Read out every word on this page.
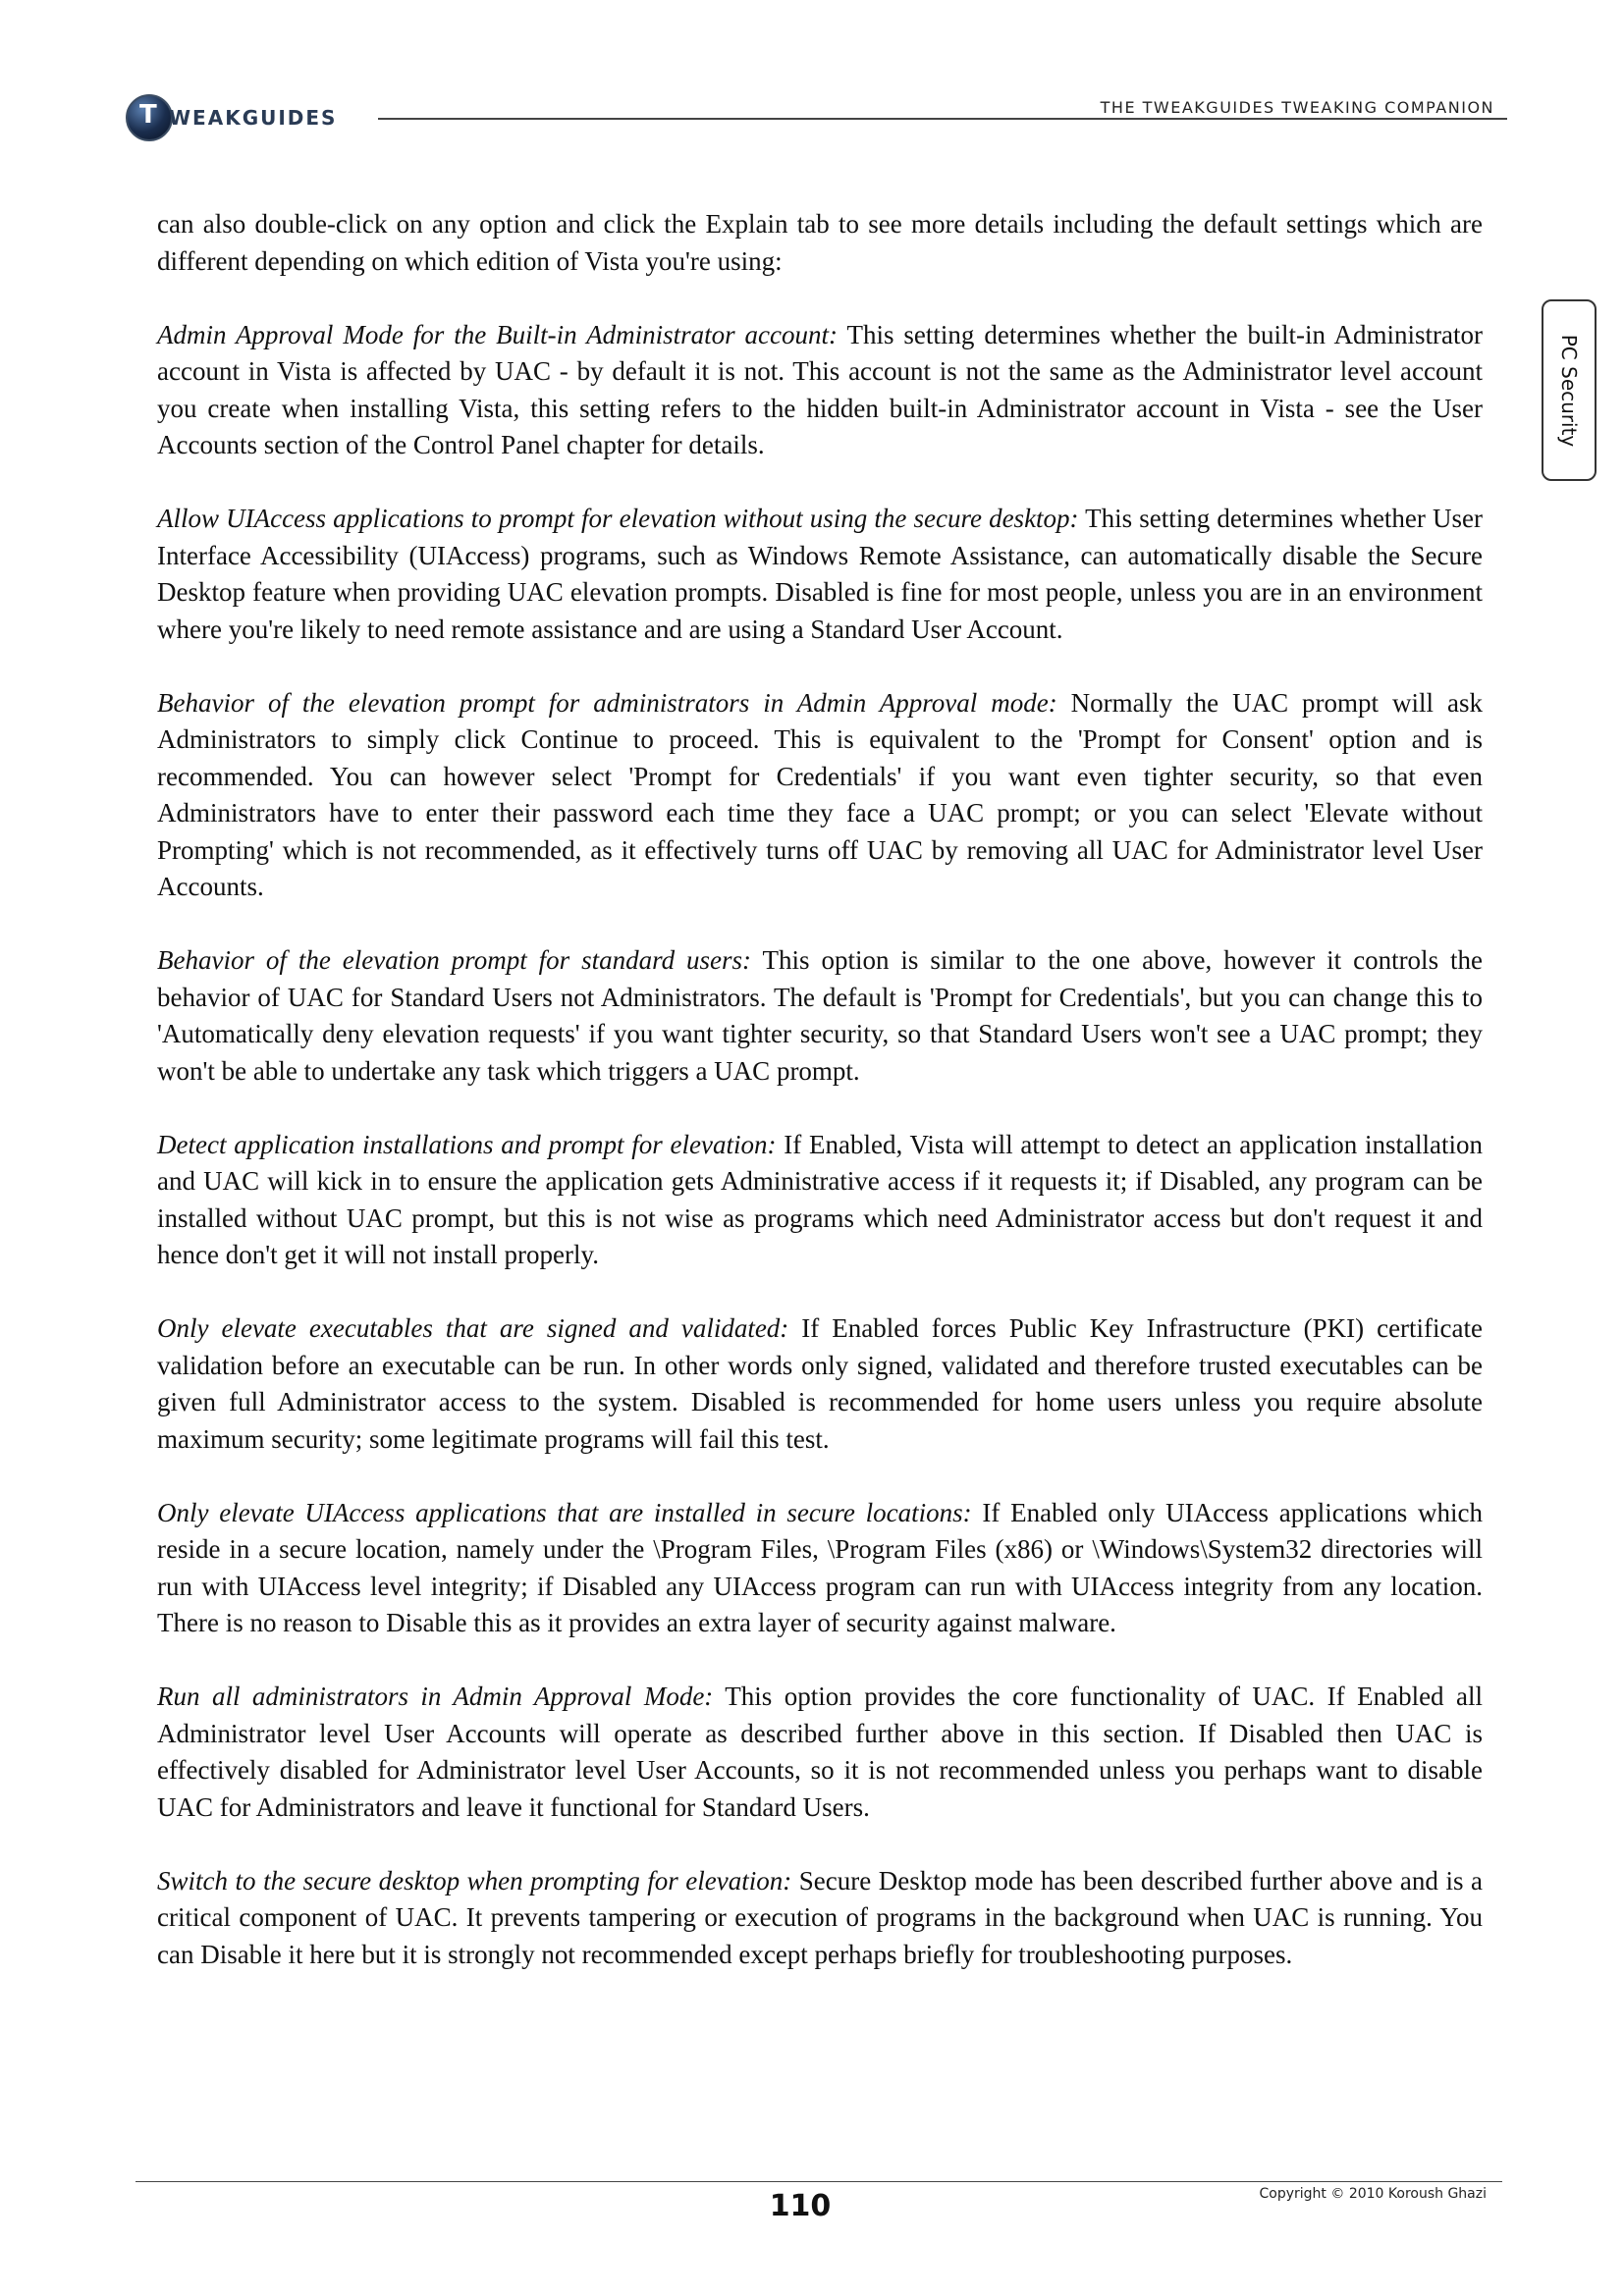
T
WEAKGUIDES	THE TWEAKGUIDES TWEAKING COMPANION
PC Security

can also double-click on any option and click the Explain tab to see more details including the default settings which are different depending on which edition of Vista you're using:

Admin Approval Mode for the Built-in Administrator account: This setting determines whether the built-in Administrator account in Vista is affected by UAC - by default it is not. This account is not the same as the Administrator level account you create when installing Vista, this setting refers to the hidden built-in Administrator account in Vista - see the User Accounts section of the Control Panel chapter for details.

Allow UIAccess applications to prompt for elevation without using the secure desktop: This setting determines whether User Interface Accessibility (UIAccess) programs, such as Windows Remote Assistance, can automatically disable the Secure Desktop feature when providing UAC elevation prompts. Disabled is fine for most people, unless you are in an environment where you're likely to need remote assistance and are using a Standard User Account.

Behavior of the elevation prompt for administrators in Admin Approval mode: Normally the UAC prompt will ask Administrators to simply click Continue to proceed. This is equivalent to the 'Prompt for Consent' option and is recommended. You can however select 'Prompt for Credentials' if you want even tighter security, so that even Administrators have to enter their password each time they face a UAC prompt; or you can select 'Elevate without Prompting' which is not recommended, as it effectively turns off UAC by removing all UAC for Administrator level User Accounts.

Behavior of the elevation prompt for standard users: This option is similar to the one above, however it controls the behavior of UAC for Standard Users not Administrators. The default is 'Prompt for Credentials', but you can change this to 'Automatically deny elevation requests' if you want tighter security, so that Standard Users won't see a UAC prompt; they won't be able to undertake any task which triggers a UAC prompt.

Detect application installations and prompt for elevation: If Enabled, Vista will attempt to detect an application installation and UAC will kick in to ensure the application gets Administrative access if it requests it; if Disabled, any program can be installed without UAC prompt, but this is not wise as programs which need Administrator access but don't request it and hence don't get it will not install properly.

Only elevate executables that are signed and validated: If Enabled forces Public Key Infrastructure (PKI) certificate validation before an executable can be run. In other words only signed, validated and therefore trusted executables can be given full Administrator access to the system. Disabled is recommended for home users unless you require absolute maximum security; some legitimate programs will fail this test.

Only elevate UIAccess applications that are installed in secure locations: If Enabled only UIAccess applications which reside in a secure location, namely under the \Program Files, \Program Files (x86) or \Windows\System32 directories will run with UIAccess level integrity; if Disabled any UIAccess program can run with UIAccess integrity from any location. There is no reason to Disable this as it provides an extra layer of security against malware.

Run all administrators in Admin Approval Mode: This option provides the core functionality of UAC. If Enabled all Administrator level User Accounts will operate as described further above in this section. If Disabled then UAC is effectively disabled for Administrator level User Accounts, so it is not recommended unless you perhaps want to disable UAC for Administrators and leave it functional for Standard Users.

Switch to the secure desktop when prompting for elevation: Secure Desktop mode has been described further above and is a critical component of UAC. It prevents tampering or execution of programs in the background when UAC is running. You can Disable it here but it is strongly not recommended except perhaps briefly for troubleshooting purposes.

110	Copyright © 2010 Koroush Ghazi
